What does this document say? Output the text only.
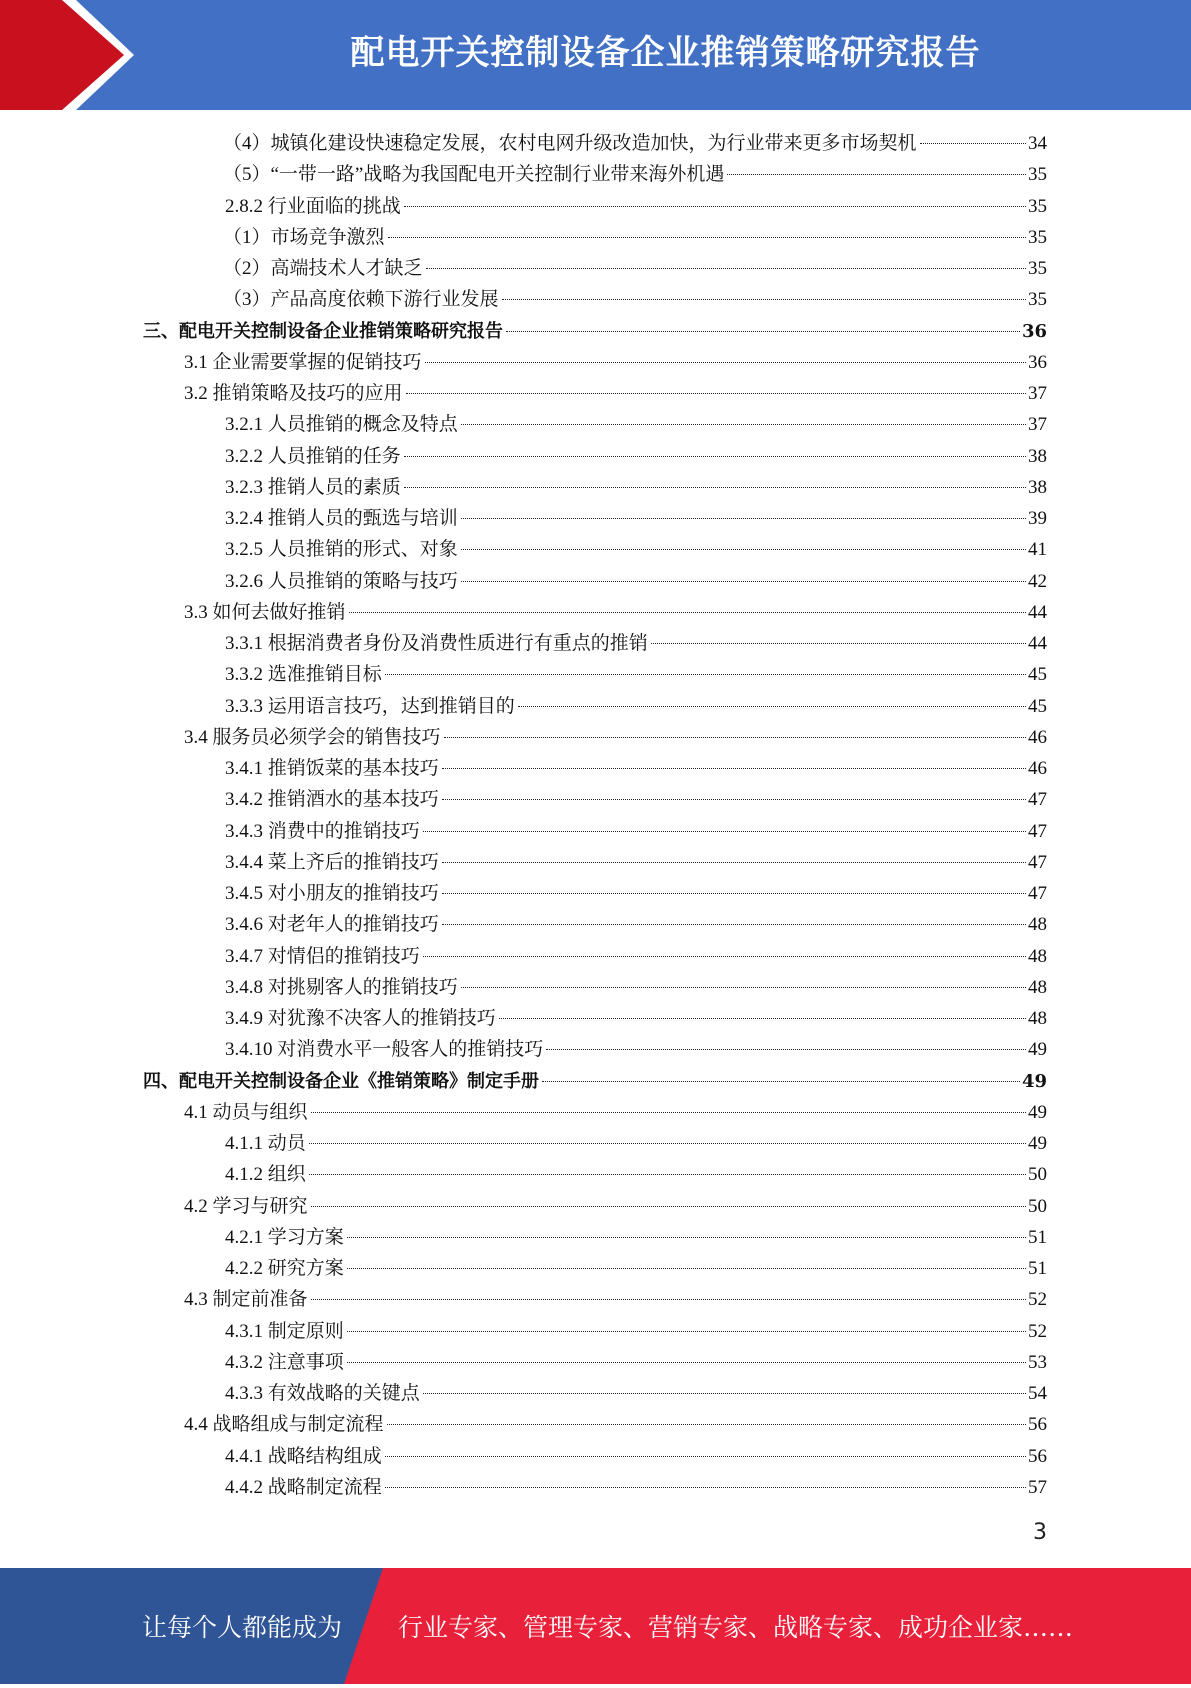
配电开关控制设备企业推销策略研究报告
（4）城镇化建设快速稳定发展，农村电网升级改造加快，为行业带来更多市场契机	34
（5）“一带一路”战略为我国配电开关控制行业带来海外机遇	35
2.8.2 行业面临的挑战	35
（1）市场竞争激烈	35
（2）高端技术人才缺乏	35
（3）产品高度依赖下游行业发展	35
三、配电开关控制设备企业推销策略研究报告	36
3.1 企业需要掌握的促销技巧	36
3.2 推销策略及技巧的应用	37
3.2.1 人员推销的概念及特点	37
3.2.2 人员推销的任务	38
3.2.3 推销人员的素质	38
3.2.4 推销人员的甄选与培训	39
3.2.5 人员推销的形式、对象	41
3.2.6 人员推销的策略与技巧	42
3.3 如何去做好推销	44
3.3.1 根据消费者身份及消费性质进行有重点的推销	44
3.3.2 选准推销目标	45
3.3.3 运用语言技巧，达到推销目的	45
3.4 服务员必须学会的销售技巧	46
3.4.1 推销饭菜的基本技巧	46
3.4.2 推销酒水的基本技巧	47
3.4.3 消费中的推销技巧	47
3.4.4 菜上齐后的推销技巧	47
3.4.5 对小朋友的推销技巧	47
3.4.6 对老年人的推销技巧	48
3.4.7 对情侣的推销技巧	48
3.4.8 对挑剔客人的推销技巧	48
3.4.9 对犹豫不决客人的推销技巧	48
3.4.10 对消费水平一般客人的推销技巧	49
四、配电开关控制设备企业《推销策略》制定手册	49
4.1 动员与组织	49
4.1.1 动员	49
4.1.2 组织	50
4.2 学习与研究	50
4.2.1 学习方案	51
4.2.2 研究方案	51
4.3 制定前准备	52
4.3.1 制定原则	52
4.3.2 注意事项	53
4.3.3 有效战略的关键点	54
4.4 战略组成与制定流程	56
4.4.1 战略结构组成	56
4.4.2 战略制定流程	57
3
让每个人都能成为 行业专家、管理专家、营销专家、战略专家、成功企业家……
